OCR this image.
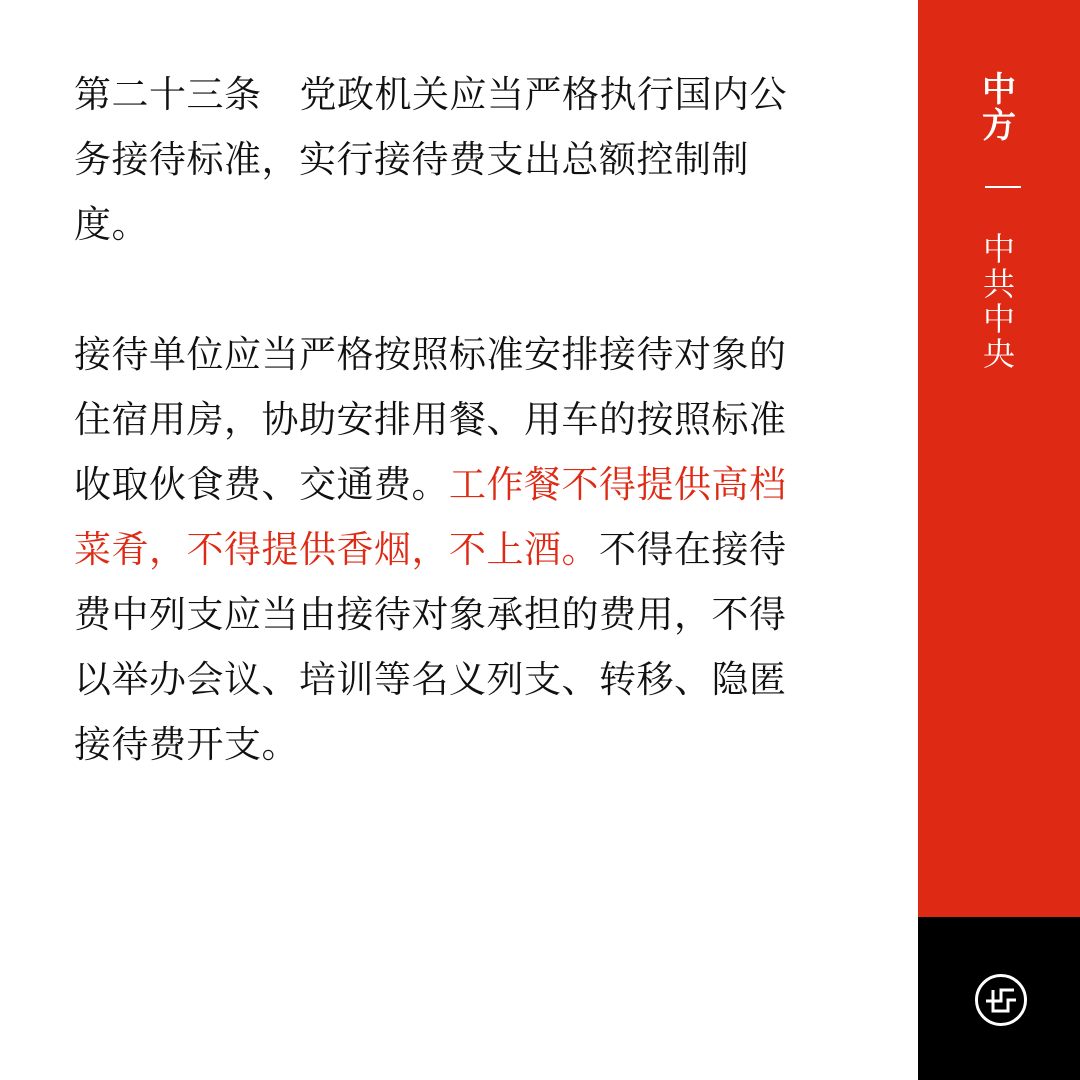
第二十三条 党政机关应当严格执行国内公务接待标准，实行接待费支出总额控制制度。

接待单位应当严格按照标准安排接待对象的住宿用房，协助安排用餐、用车的按照标准收取伙食费、交通费。工作餐不得提供高档菜肴，不得提供香烟，不上酒。不得在接待费中列支应当由接待对象承担的费用，不得以举办会议、培训等名义列支、转移、隐匿接待费开支。

中
方
中
共
中
央
